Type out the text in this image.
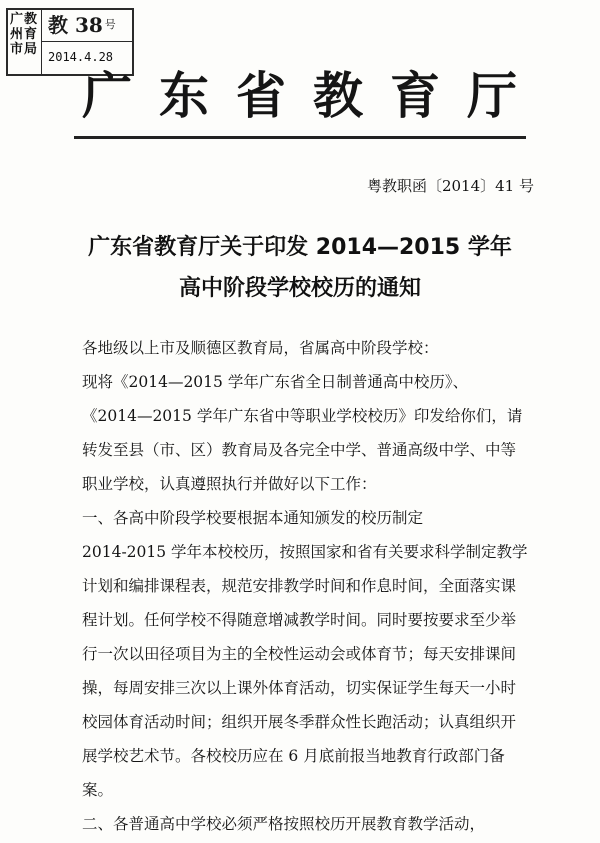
广教
州育
市局
教 38 $^号$
2014.4.28
广东省教育厅
粤教职函〔2014〕41 号
广东省教育厅关于印发 2014—2015 学年
高中阶段学校校历的通知
各地级以上市及顺德区教育局，省属高中阶段学校：
现将《2014—2015 学年广东省全日制普通高中校历》、
《2014—2015 学年广东省中等职业学校校历》印发给你们，请
转发至县（市、区）教育局及各完全中学、普通高级中学、中等
职业学校，认真遵照执行并做好以下工作：
一、各高中阶段学校要根据本通知颁发的校历制定
2014-2015 学年本校校历，按照国家和省有关要求科学制定教学
计划和编排课程表，规范安排教学时间和作息时间，全面落实课
程计划。任何学校不得随意增减教学时间。同时要按要求至少举
行一次以田径项目为主的全校性运动会或体育节；每天安排课间
操，每周安排三次以上课外体育活动，切实保证学生每天一小时
校园体育活动时间；组织开展冬季群众性长跑活动；认真组织开
展学校艺术节。各校校历应在 6 月底前报当地教育行政部门备
案。
二、各普通高中学校必须严格按照校历开展教育教学活动，
